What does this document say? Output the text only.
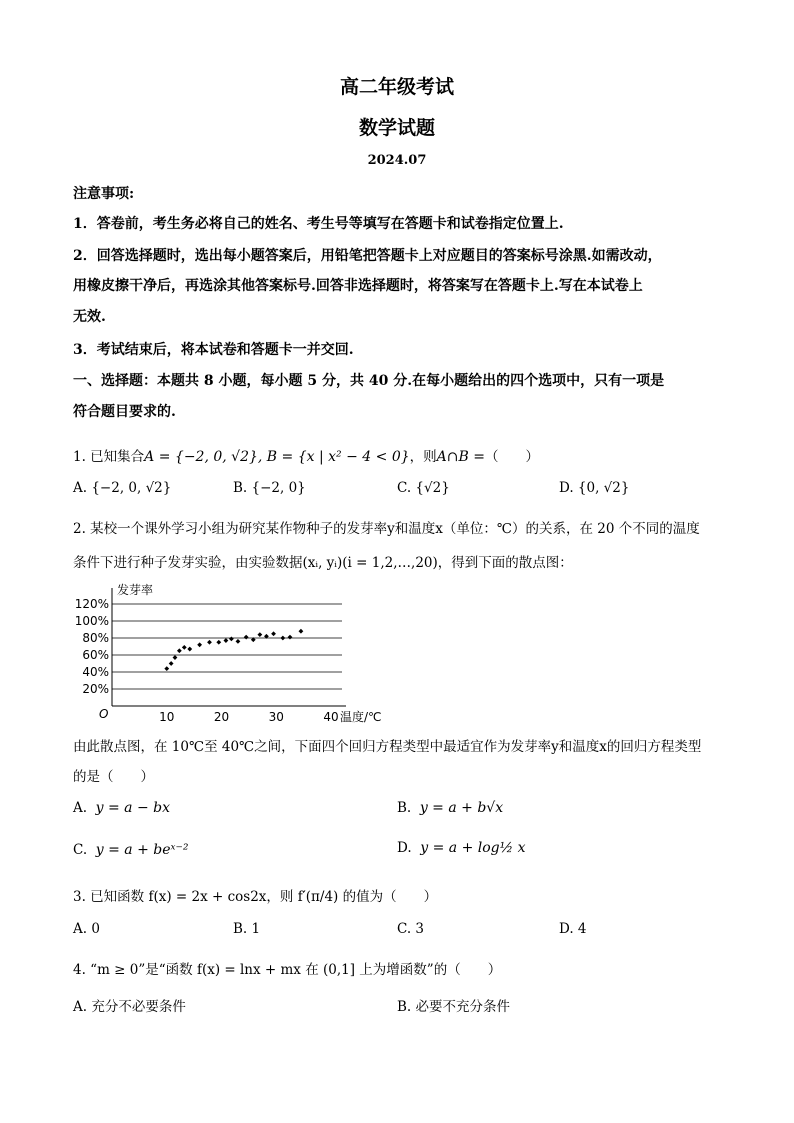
高二年级考试
数学试题
2024.07
注意事项:
1．答卷前，考生务必将自己的姓名、考生号等填写在答题卡和试卷指定位置上.
2．回答选择题时，选出每小题答案后，用铅笔把答题卡上对应题目的答案标号涂黑.如需改动，
用橡皮擦干净后，再选涂其他答案标号.回答非选择题时，将答案写在答题卡上.写在本试卷上
无效.
3．考试结束后，将本试卷和答题卡一并交回.
一、选择题：本题共 8 小题，每小题 5 分，共 40 分.在每小题给出的四个选项中，只有一项是
符合题目要求的.
1. 已知集合A = {−2, 0, √2}, B = {x | x² − 4 < 0}，则A∩B =（　　）
A. {−2, 0, √2}	B. {−2, 0}	C. {√2}	D. {0, √2}
2. 某校一个课外学习小组为研究某作物种子的发芽率y和温度x（单位：℃）的关系，在 20 个不同的温度
条件下进行种子发芽实验，由实验数据(xᵢ, yᵢ)(i = 1,2,…,20)，得到下面的散点图：
20%
40%
60%
80%
100%
120%
10	20	30	40
发芽率
温度/℃
O
由此散点图，在 10℃至 40℃之间，下面四个回归方程类型中最适宜作为发芽率y和温度x的回归方程类型
的是（　　）
A. y = a − bx	B. y = a + b√x
C. y = a + beˣ⁻²	D. y = a + log½ x
3. 已知函数 f(x) = 2x + cos2x，则 f′(π/4) 的值为（　　）
A. 0	B. 1	C. 3	D. 4
4. “m ≥ 0”是“函数 f(x) = lnx + mx 在 (0,1] 上为增函数”的（　　）
A. 充分不必要条件	B. 必要不充分条件
